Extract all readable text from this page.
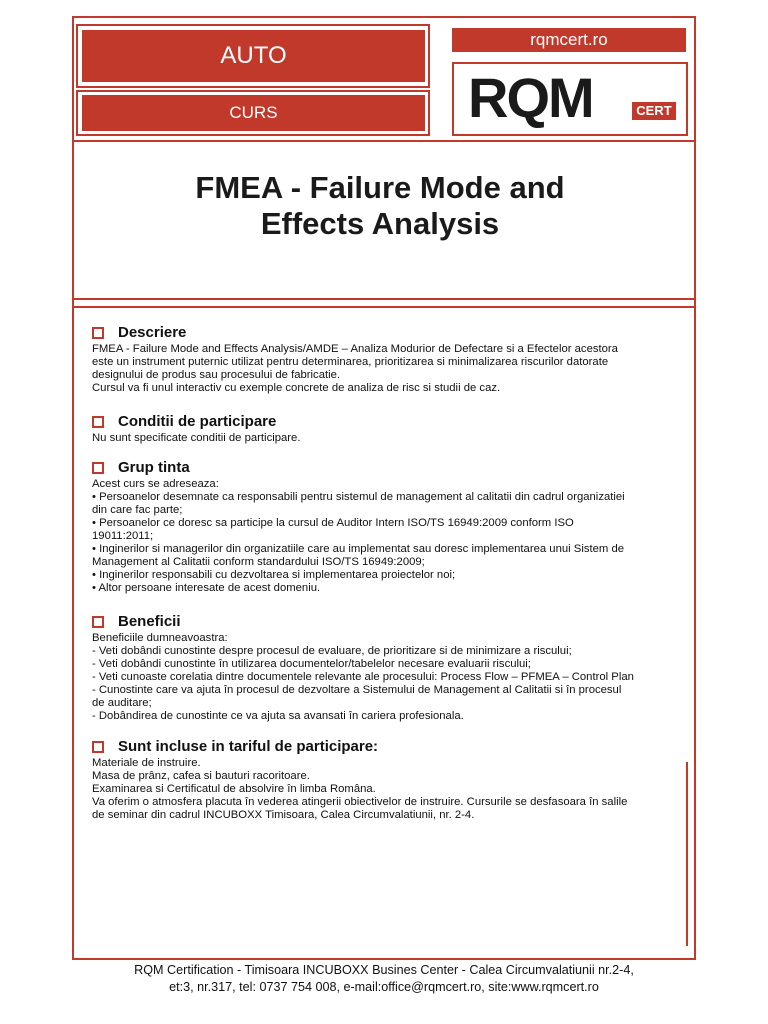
AUTO
CURS
rqmcert.ro
RQM	CERT
FMEA - Failure Mode and
Effects Analysis
Descriere

FMEA - Failure Mode and Effects Analysis/AMDE – Analiza Modurior de Defectare si a Efectelor acestora

este un instrument puternic utilizat pentru determinarea, prioritizarea si minimalizarea riscurilor datorate

designului de produs sau procesului de fabricatie.

Cursul va fi unul interactiv cu exemple concrete de analiza de risc si studii de caz.

Conditii de participare

Nu sunt specificate conditii de participare.

Grup tinta

Acest curs se adreseaza:

• Persoanelor desemnate ca responsabili pentru sistemul de management al calitatii din cadrul organizatiei

din care fac parte;

• Persoanelor ce doresc sa participe la cursul de Auditor Intern ISO/TS 16949:2009 conform ISO

19011:2011;

• Inginerilor si managerilor din organizatiile care au implementat sau doresc implementarea unui Sistem de

Management al Calitatii conform standardului ISO/TS 16949:2009;

• Inginerilor responsabili cu dezvoltarea si implementarea proiectelor noi;

• Altor persoane interesate de acest domeniu.

Beneficii

Beneficiile dumneavoastra:

- Veti dobândi cunostinte despre procesul de evaluare, de prioritizare si de minimizare a riscului;

- Veti dobândi cunostinte în utilizarea documentelor/tabelelor necesare evaluarii riscului;

- Veti cunoaste corelatia dintre documentele relevante ale procesului: Process Flow – PFMEA – Control Plan

- Cunostinte care va ajuta în procesul de dezvoltare a Sistemului de Management al Calitatii si în procesul

de auditare;

- Dobândirea de cunostinte ce va ajuta sa avansati în cariera profesionala.

Sunt incluse in tariful de participare:

Materiale de instruire.

Masa de prânz, cafea si bauturi racoritoare.

Examinarea si Certificatul de absolvire în limba Româna.

Va oferim o atmosfera placuta în vederea atingerii obiectivelor de instruire. Cursurile se desfasoara în salile

de seminar din cadrul INCUBOXX Timisoara, Calea Circumvalatiunii, nr. 2-4.

RQM Certification - Timisoara INCUBOXX Busines Center - Calea Circumvalatiunii nr.2-4,
et:3, nr.317, tel: 0737 754 008, e-mail:office@rqmcert.ro, site:www.rqmcert.ro
